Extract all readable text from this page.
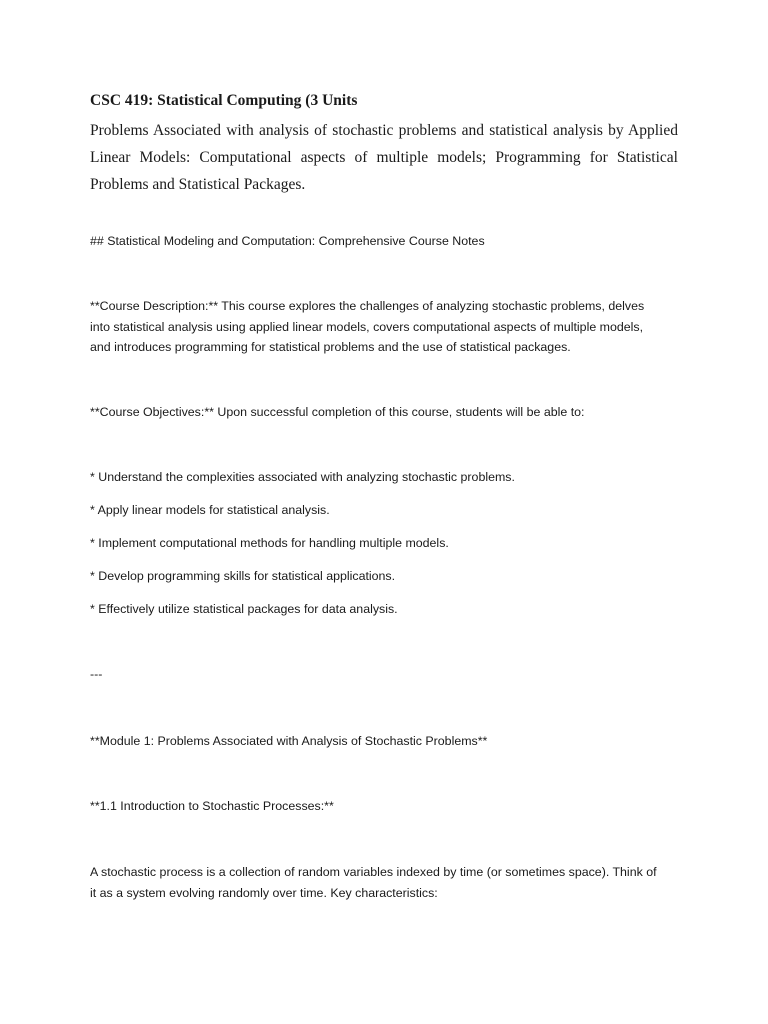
CSC 419: Statistical Computing (3 Units
Problems Associated with analysis of stochastic problems and statistical analysis by Applied Linear Models: Computational aspects of multiple models; Programming for Statistical Problems and Statistical Packages.
## Statistical Modeling and Computation: Comprehensive Course Notes
**Course Description:** This course explores the challenges of analyzing stochastic problems, delves
into statistical analysis using applied linear models, covers computational aspects of multiple models,
and introduces programming for statistical problems and the use of statistical packages.
**Course Objectives:** Upon successful completion of this course, students will be able to:
* Understand the complexities associated with analyzing stochastic problems.
* Apply linear models for statistical analysis.
* Implement computational methods for handling multiple models.
* Develop programming skills for statistical applications.
* Effectively utilize statistical packages for data analysis.
---
**Module 1: Problems Associated with Analysis of Stochastic Problems**
**1.1 Introduction to Stochastic Processes:**
A stochastic process is a collection of random variables indexed by time (or sometimes space). Think of
it as a system evolving randomly over time. Key characteristics:
